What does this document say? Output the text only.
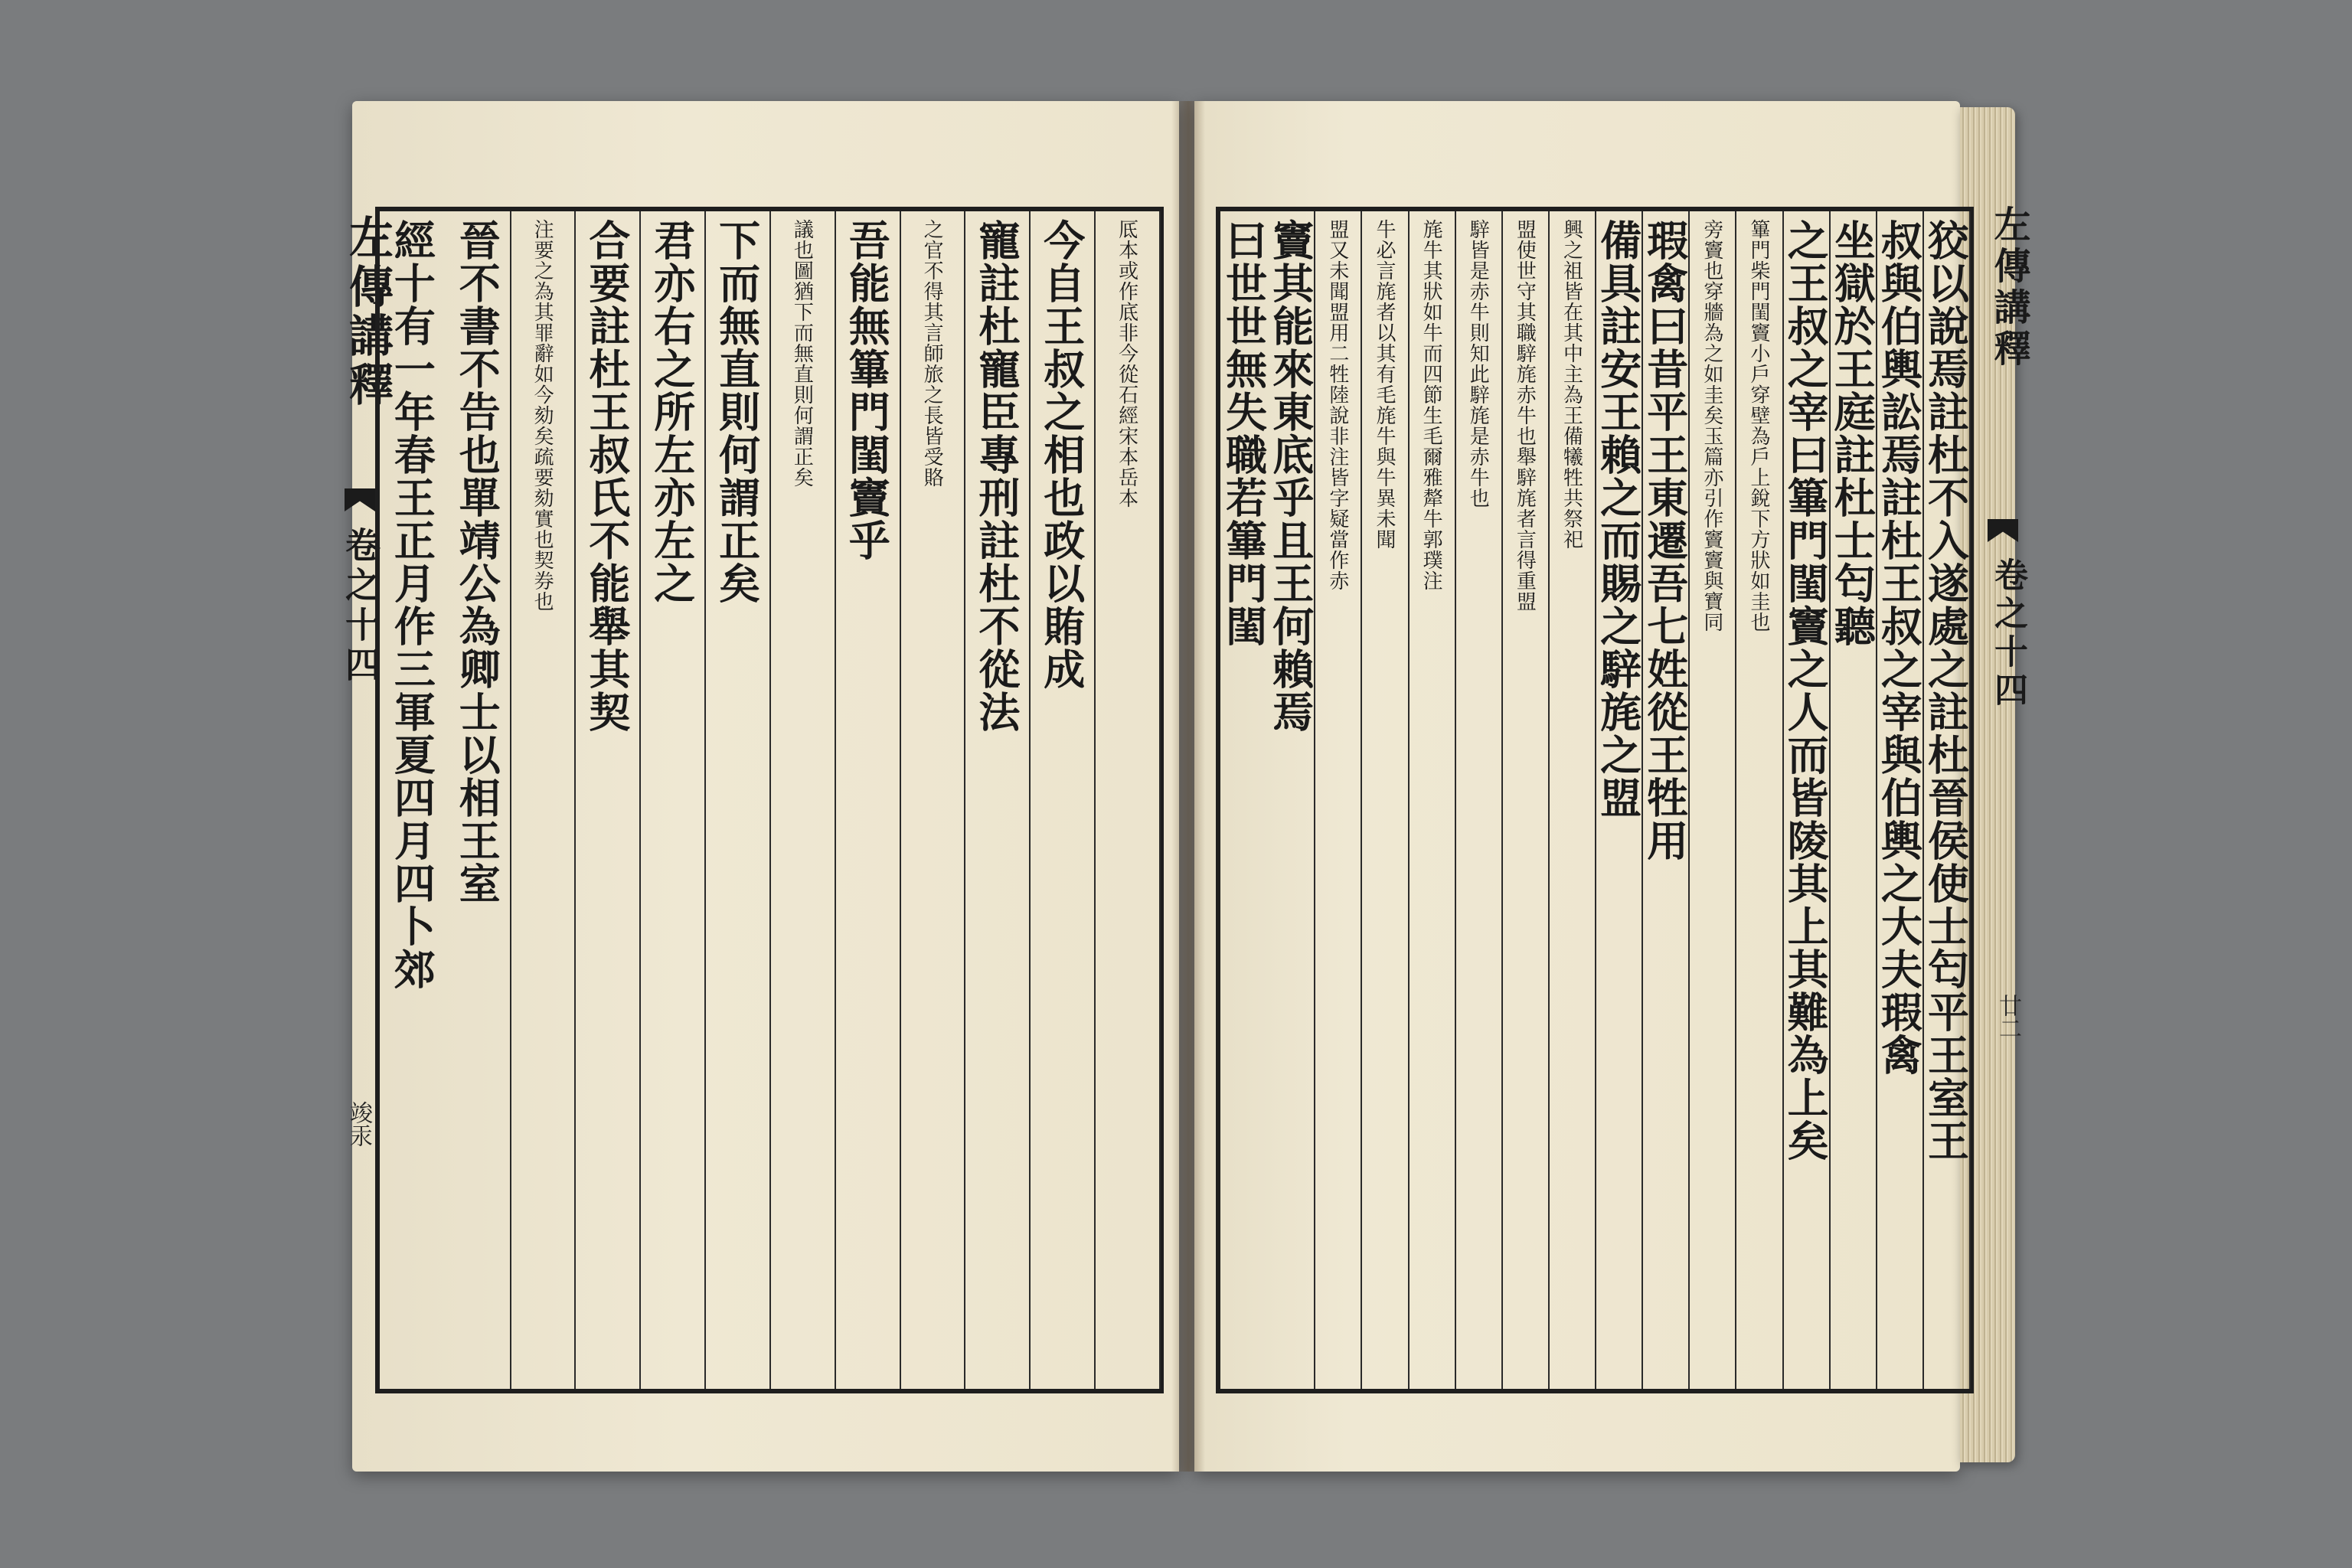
左傳講釋
卷之十四
竣汞
左傳講釋
卷之十四
廿二
厎本或作底非今從石經宋本岳本
今自王叔之相也政以賄成
寵註杜寵臣專刑註杜不從法
之官不得其言師旅之長皆受賂
吾能無篳門閨竇乎
議也圖猶下而無直則何謂正矣
下而無直則何謂正矣
君亦右之所左亦左之
合要註杜王叔氏不能舉其契
注要之為其罪辭如今劾矣疏要劾實也契券也
晉不書不告也單靖公為卿士以相王室
經十有一年春王正月作三軍夏四月四卜郊	狡以說焉註杜不入遂處之註杜晉侯使士匄平王室王
叔與伯輿訟焉註杜王叔之宰與伯輿之大夫瑕禽
坐獄於王庭註杜士匄聽
之王叔之宰曰篳門閨竇之人而皆陵其上其難為上矣
篳門柴門閨竇小戶穿壁為戶上銳下方狀如圭也
旁竇也穿牆為之如圭矣玉篇亦引作竇竇與寶同
瑕禽曰昔平王東遷吾七姓從王牲用
備具註安王賴之而賜之騂旄之盟
興之祖皆在其中主為王備犧牲共祭祀
盟使世守其職騂旄赤牛也舉騂旄者言得重盟
騂皆是赤牛則知此騂旄是赤牛也
旄牛其狀如牛而四節生毛爾雅犛牛郭璞注
牛必言旄者以其有毛旄牛與牛異未聞
盟又未聞盟用二牲陸說非注皆字疑當作赤
竇其能來東底乎且王何賴焉
曰世世無失職若篳門閨
